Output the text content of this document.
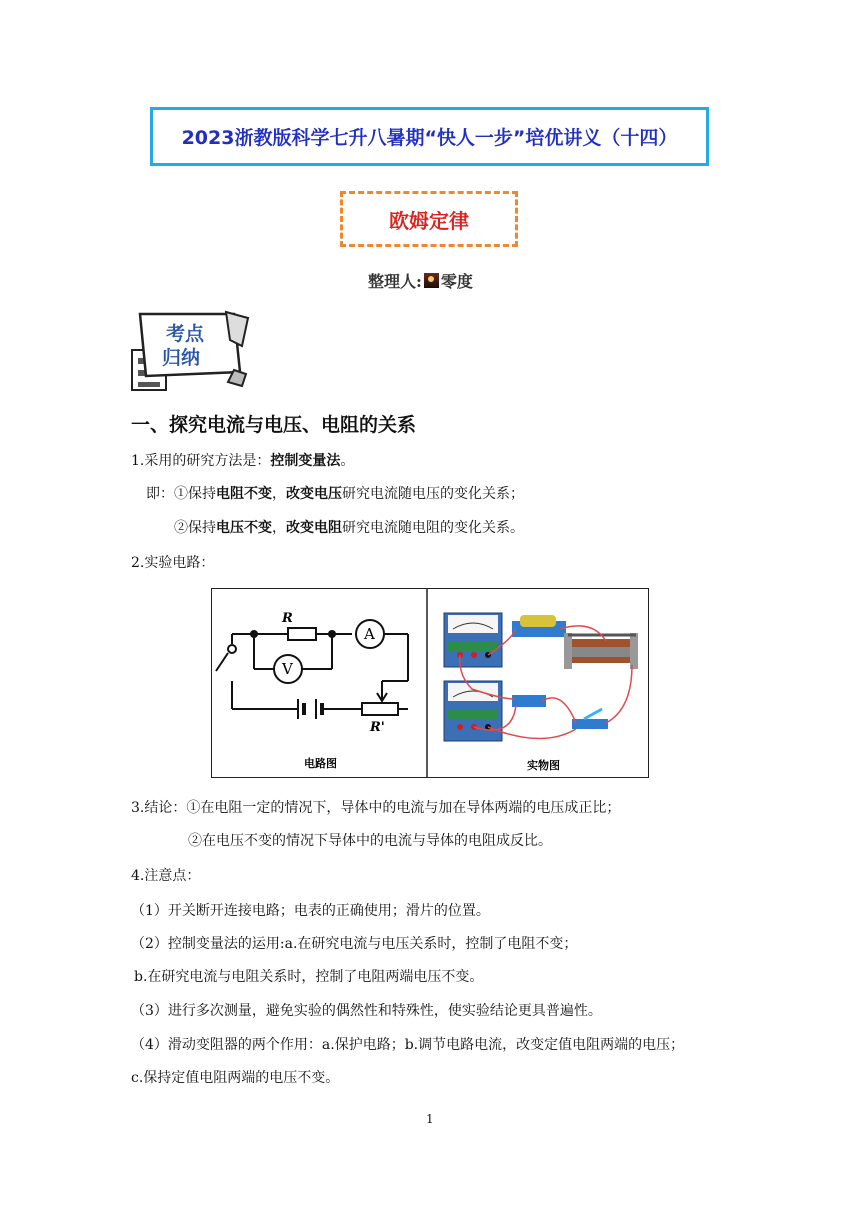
2023浙教版科学七升八暑期“快人一步”培优讲义（十四）
欧姆定律
整理人: 零度
考点
归纳
一、探究电流与电压、电阻的关系
1.采用的研究方法是：控制变量法。
即：①保持电阻不变，改变电压研究电流随电压的变化关系；
②保持电压不变，改变电阻研究电流随电阻的变化关系。
2.实验电路：
R
A
V
R'
电路图	实物图
3.结论：①在电阻一定的情况下，导体中的电流与加在导体两端的电压成正比；
②在电压不变的情况下导体中的电流与导体的电阻成反比。
4.注意点：
（1）开关断开连接电路；电表的正确使用；滑片的位置。
（2）控制变量法的运用:a.在研究电流与电压关系时，控制了电阻不变；
b.在研究电流与电阻关系时，控制了电阻两端电压不变。
（3）进行多次测量，避免实验的偶然性和特殊性，使实验结论更具普遍性。
（4）滑动变阻器的两个作用：a.保护电路；b.调节电路电流，改变定值电阻两端的电压；
c.保持定值电阻两端的电压不变。
1
